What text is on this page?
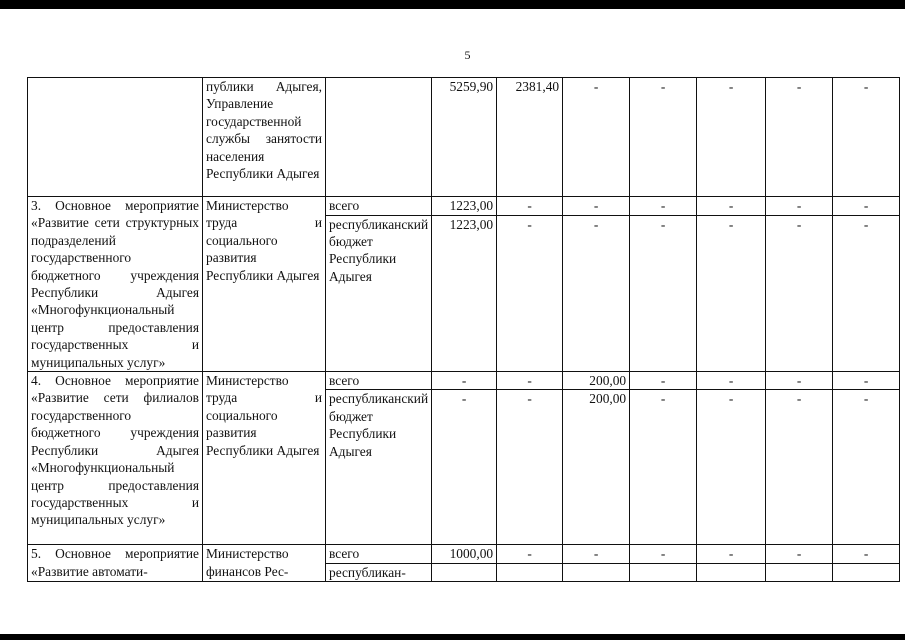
5
	публики Адыгея, Управление государственной службы занятости населения Республики Адыгея		5259,90	2381,40	-	-	-	-	-
3. Основное мероприятие «Развитие сети структурных подразделений государственного бюджетного учреждения Республики Адыгея «Многофункциональный центр предоставления государственных и муниципальных услуг»	Министерство труда и социального развития Республики Адыгея	всего	1223,00	-	-	-	-	-	-
		республиканский бюджет Республики Адыгея	1223,00	-	-	-	-	-	-
4. Основное мероприятие «Развитие сети филиалов государственного бюджетного учреждения Республики Адыгея «Многофункциональный центр предоставления государственных и муниципальных услуг»	Министерство труда и социального развития Республики Адыгея	всего	-	-	200,00	-	-	-	-
		республиканский бюджет Республики Адыгея	-	-	200,00	-	-	-	-
5. Основное мероприятие «Развитие автомати-	Министерство финансов Рес-	всего	1000,00	-	-	-	-	-	-
		республикан-							
